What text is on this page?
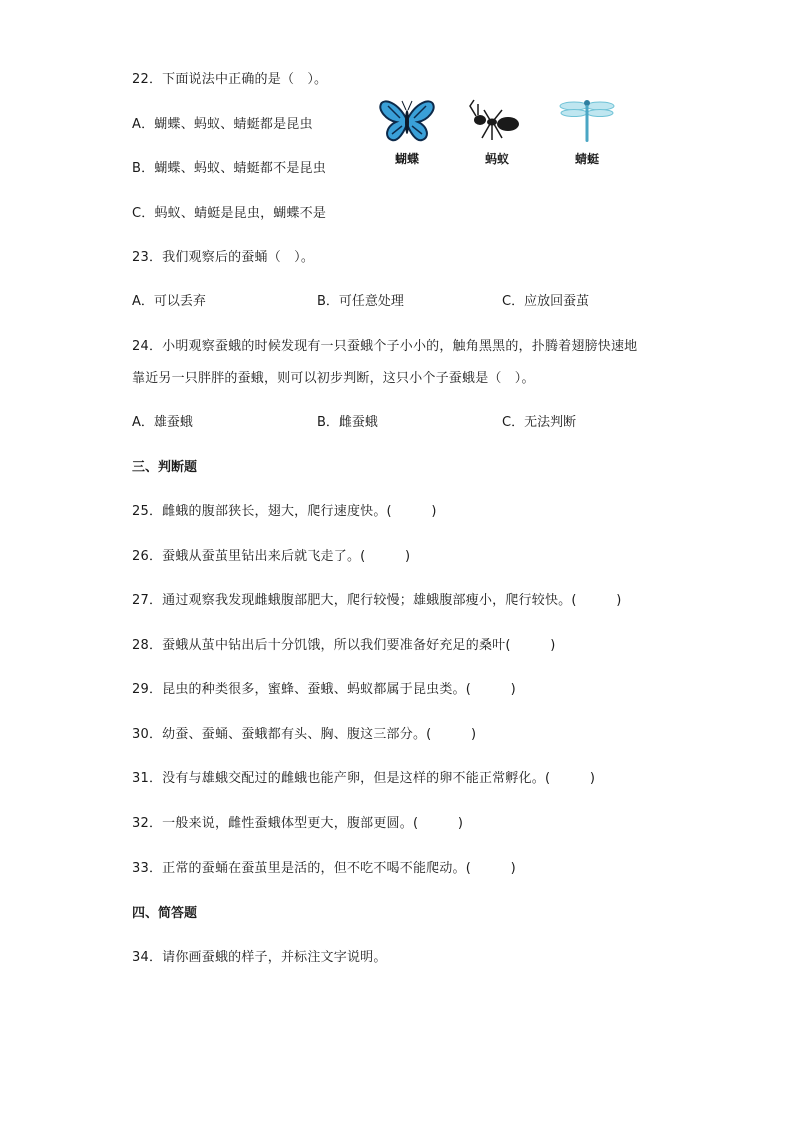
22．下面说法中正确的是（　）。
A．蝴蝶、蚂蚁、蜻蜓都是昆虫
B．蝴蝶、蚂蚁、蜻蜓都不是昆虫
C．蚂蚁、蜻蜓是昆虫，蝴蝶不是
蝴蝶	蚂蚁	蜻蜓
23．我们观察后的蚕蛹（　）。
A．可以丢弃	B．可任意处理	C．应放回蚕茧
24．小明观察蚕蛾的时候发现有一只蚕蛾个子小小的，触角黑黑的，扑腾着翅膀快速地
靠近另一只胖胖的蚕蛾，则可以初步判断，这只小个子蚕蛾是（　）。
A．雄蚕蛾	B．雌蚕蛾	C．无法判断
三、判断题
25．雌蛾的腹部狭长，翅大，爬行速度快。(　　　)
26．蚕蛾从蚕茧里钻出来后就飞走了。(　　　)
27．通过观察我发现雌蛾腹部肥大，爬行较慢；雄蛾腹部瘦小，爬行较快。(　　　)
28．蚕蛾从茧中钻出后十分饥饿，所以我们要准备好充足的桑叶(　　　)
29．昆虫的种类很多，蜜蜂、蚕蛾、蚂蚁都属于昆虫类。(　　　)
30．幼蚕、蚕蛹、蚕蛾都有头、胸、腹这三部分。(　　　)
31．没有与雄蛾交配过的雌蛾也能产卵，但是这样的卵不能正常孵化。(　　　)
32．一般来说，雌性蚕蛾体型更大，腹部更圆。(　　　)
33．正常的蚕蛹在蚕茧里是活的，但不吃不喝不能爬动。(　　　)
四、简答题
34．请你画蚕蛾的样子，并标注文字说明。
